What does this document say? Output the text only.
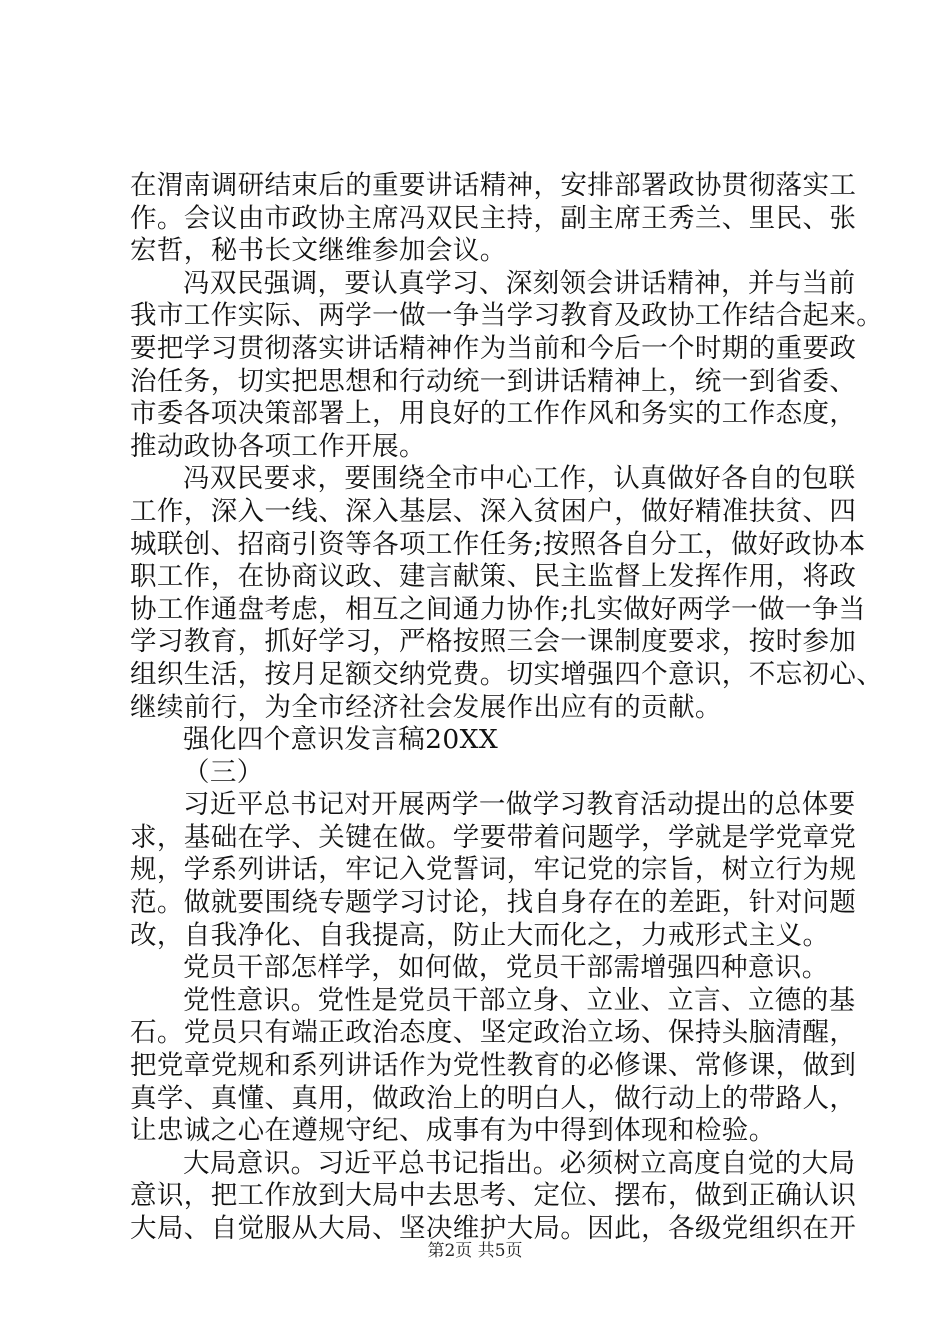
在渭南调研结束后的重要讲话精神，安排部署政协贯彻落实工
作。会议由市政协主席冯双民主持，副主席王秀兰、里民、张
宏哲，秘书长文继维参加会议。
冯双民强调，要认真学习、深刻领会讲话精神，并与当前
我市工作实际、两学一做一争当学习教育及政协工作结合起来。
要把学习贯彻落实讲话精神作为当前和今后一个时期的重要政
治任务，切实把思想和行动统一到讲话精神上，统一到省委、
市委各项决策部署上，用良好的工作作风和务实的工作态度，
推动政协各项工作开展。
冯双民要求，要围绕全市中心工作，认真做好各自的包联
工作，深入一线、深入基层、深入贫困户，做好精准扶贫、四
城联创、招商引资等各项工作任务;按照各自分工，做好政协本
职工作，在协商议政、建言献策、民主监督上发挥作用，将政
协工作通盘考虑，相互之间通力协作;扎实做好两学一做一争当
学习教育，抓好学习，严格按照三会一课制度要求，按时参加
组织生活，按月足额交纳党费。切实增强四个意识，不忘初心、
继续前行，为全市经济社会发展作出应有的贡献。
强化四个意识发言稿20XX
（三）
习近平总书记对开展两学一做学习教育活动提出的总体要
求，基础在学、关键在做。学要带着问题学，学就是学党章党
规，学系列讲话，牢记入党誓词，牢记党的宗旨，树立行为规
范。做就要围绕专题学习讨论，找自身存在的差距，针对问题
改，自我净化、自我提高，防止大而化之，力戒形式主义。
党员干部怎样学，如何做，党员干部需增强四种意识。
党性意识。党性是党员干部立身、立业、立言、立德的基
石。党员只有端正政治态度、坚定政治立场、保持头脑清醒，
把党章党规和系列讲话作为党性教育的必修课、常修课，做到
真学、真懂、真用，做政治上的明白人，做行动上的带路人，
让忠诚之心在遵规守纪、成事有为中得到体现和检验。
大局意识。习近平总书记指出。必须树立高度自觉的大局
意识，把工作放到大局中去思考、定位、摆布，做到正确认识
大局、自觉服从大局、坚决维护大局。因此，各级党组织在开
第2页 共5页
